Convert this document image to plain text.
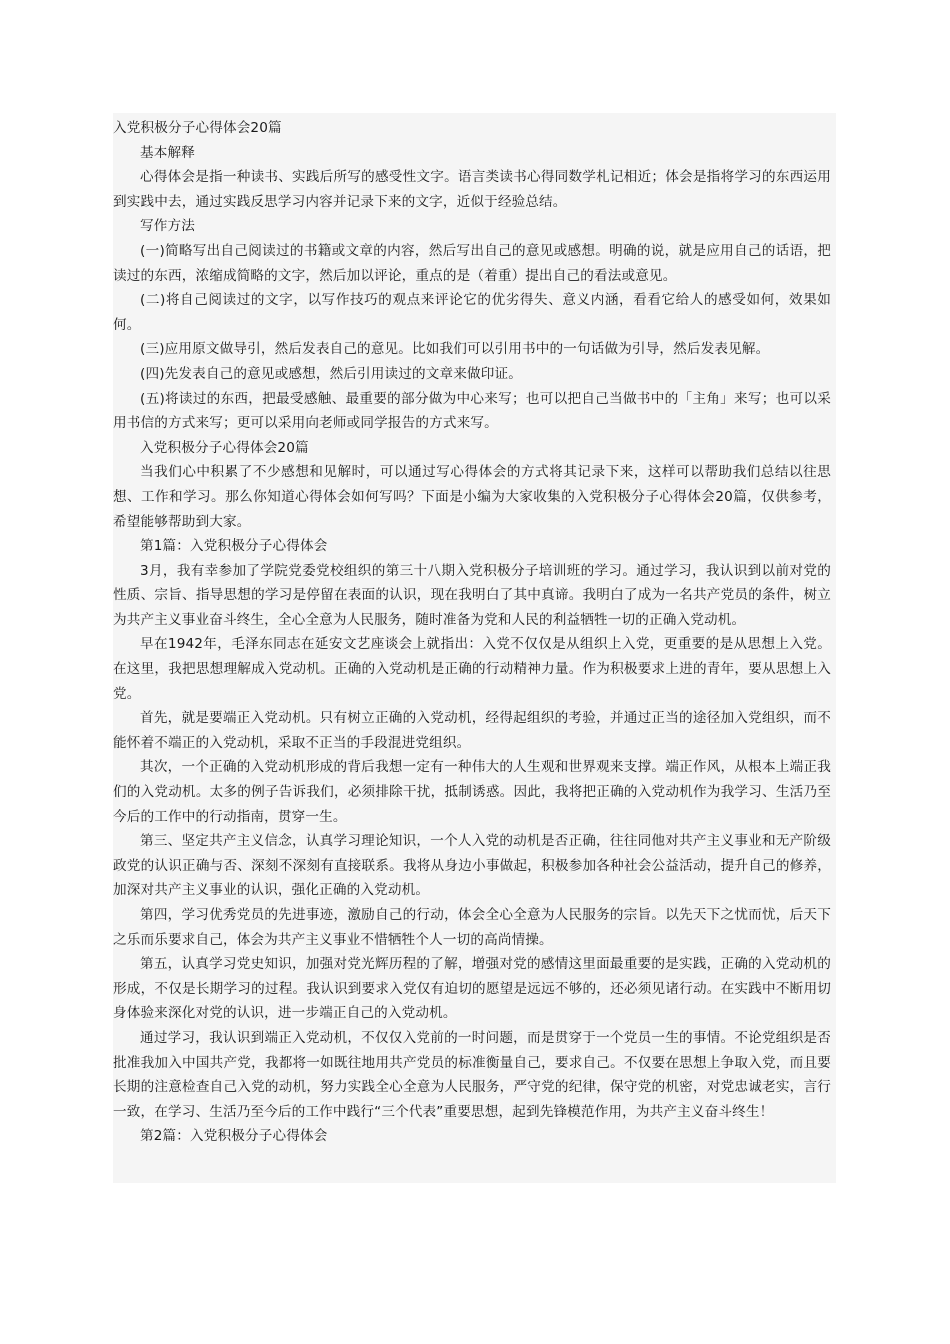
入党积极分子心得体会20篇

基本解释

心得体会是指一种读书、实践后所写的感受性文字。语言类读书心得同数学札记相近；体会是指将学习的东西运用到实践中去，通过实践反思学习内容并记录下来的文字，近似于经验总结。

写作方法

(一)简略写出自己阅读过的书籍或文章的内容，然后写出自己的意见或感想。明确的说，就是应用自己的话语，把读过的东西，浓缩成简略的文字，然后加以评论，重点的是（着重）提出自己的看法或意见。

(二)将自己阅读过的文字，以写作技巧的观点来评论它的优劣得失、意义内涵，看看它给人的感受如何，效果如何。

(三)应用原文做导引，然后发表自己的意见。比如我们可以引用书中的一句话做为引导，然后发表见解。

(四)先发表自己的意见或感想，然后引用读过的文章来做印证。

(五)将读过的东西，把最受感触、最重要的部分做为中心来写；也可以把自己当做书中的「主角」来写；也可以采用书信的方式来写；更可以采用向老师或同学报告的方式来写。

入党积极分子心得体会20篇

当我们心中积累了不少感想和见解时，可以通过写心得体会的方式将其记录下来，这样可以帮助我们总结以往思想、工作和学习。那么你知道心得体会如何写吗？下面是小编为大家收集的入党积极分子心得体会20篇，仅供参考，希望能够帮助到大家。

第1篇：入党积极分子心得体会

3月，我有幸参加了学院党委党校组织的第三十八期入党积极分子培训班的学习。通过学习，我认识到以前对党的性质、宗旨、指导思想的学习是停留在表面的认识，现在我明白了其中真谛。我明白了成为一名共产党员的条件，树立为共产主义事业奋斗终生，全心全意为人民服务，随时准备为党和人民的利益牺牲一切的正确入党动机。

早在1942年，毛泽东同志在延安文艺座谈会上就指出：入党不仅仅是从组织上入党，更重要的是从思想上入党。在这里，我把思想理解成入党动机。正确的入党动机是正确的行动精神力量。作为积极要求上进的青年，要从思想上入党。

首先，就是要端正入党动机。只有树立正确的入党动机，经得起组织的考验，并通过正当的途径加入党组织，而不能怀着不端正的入党动机，采取不正当的手段混进党组织。

其次，一个正确的入党动机形成的背后我想一定有一种伟大的人生观和世界观来支撑。端正作风，从根本上端正我们的入党动机。太多的例子告诉我们，必须排除干扰，抵制诱惑。因此，我将把正确的入党动机作为我学习、生活乃至今后的工作中的行动指南，贯穿一生。

第三、坚定共产主义信念，认真学习理论知识，一个人入党的动机是否正确，往往同他对共产主义事业和无产阶级政党的认识正确与否、深刻不深刻有直接联系。我将从身边小事做起，积极参加各种社会公益活动，提升自己的修养，加深对共产主义事业的认识，强化正确的入党动机。

第四，学习优秀党员的先进事迹，激励自己的行动，体会全心全意为人民服务的宗旨。以先天下之忧而忧，后天下之乐而乐要求自己，体会为共产主义事业不惜牺牲个人一切的高尚情操。

第五，认真学习党史知识，加强对党光辉历程的了解，增强对党的感情这里面最重要的是实践，正确的入党动机的形成，不仅是长期学习的过程。我认识到要求入党仅有迫切的愿望是远远不够的，还必须见诸行动。在实践中不断用切身体验来深化对党的认识，进一步端正自己的入党动机。

通过学习，我认识到端正入党动机，不仅仅入党前的一时问题，而是贯穿于一个党员一生的事情。不论党组织是否批准我加入中国共产党，我都将一如既往地用共产党员的标准衡量自己，要求自己。不仅要在思想上争取入党，而且要长期的注意检查自己入党的动机，努力实践全心全意为人民服务，严守党的纪律，保守党的机密，对党忠诚老实，言行一致，在学习、生活乃至今后的工作中践行“三个代表”重要思想，起到先锋模范作用，为共产主义奋斗终生！

第2篇：入党积极分子心得体会
